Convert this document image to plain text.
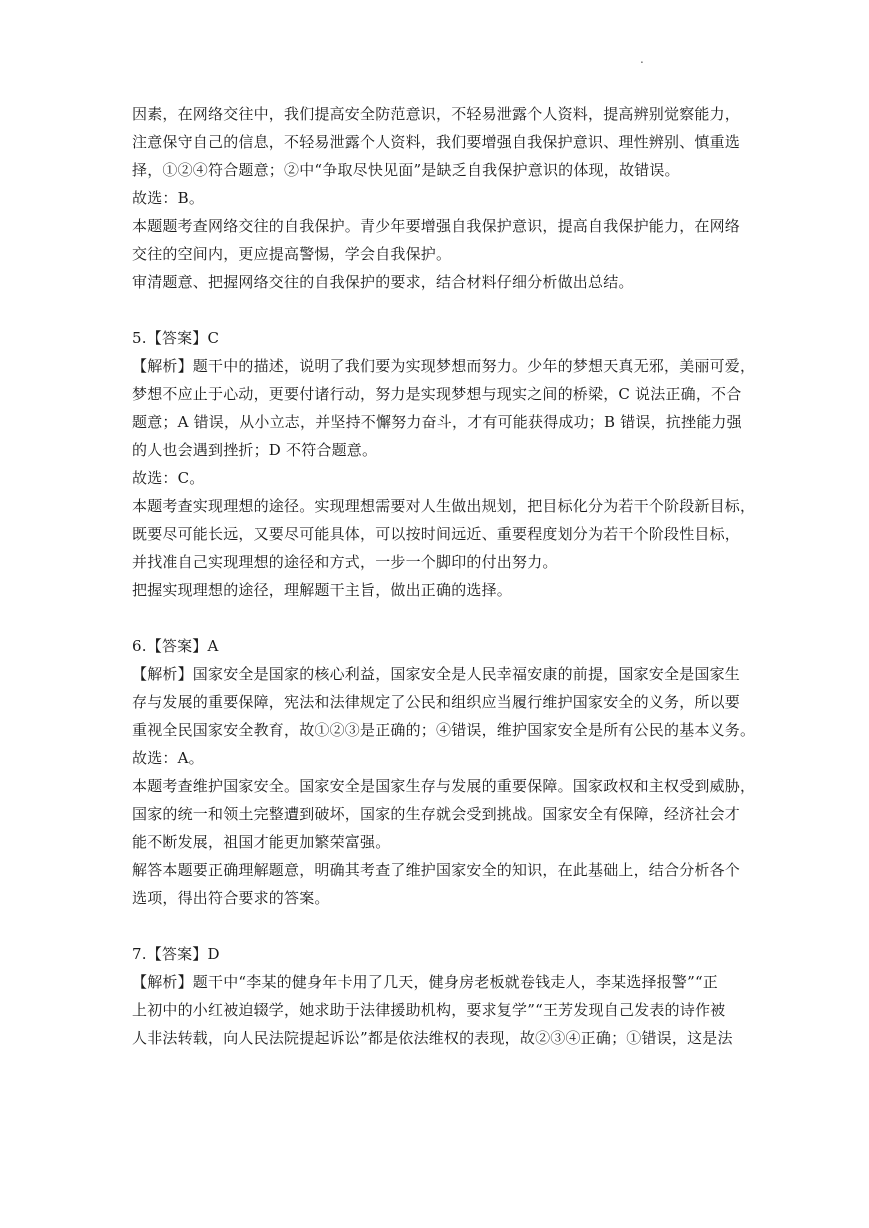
.
因素，在网络交往中，我们提高安全防范意识，不轻易泄露个人资料，提高辨别觉察能力，
注意保守自己的信息，不轻易泄露个人资料，我们要增强自我保护意识、理性辨别、慎重选
择，①②④符合题意；②中“争取尽快见面”是缺乏自我保护意识的体现，故错误。
故选：B。
本题题考查网络交往的自我保护。青少年要增强自我保护意识，提高自我保护能力，在网络
交往的空间内，更应提高警惕，学会自我保护。
审清题意、把握网络交往的自我保护的要求，结合材料仔细分析做出总结。
5.【答案】C
【解析】题干中的描述，说明了我们要为实现梦想而努力。少年的梦想天真无邪，美丽可爱，
梦想不应止于心动，更要付诸行动，努力是实现梦想与现实之间的桥梁，C 说法正确，不合
题意；A 错误，从小立志，并坚持不懈努力奋斗，才有可能获得成功；B 错误，抗挫能力强
的人也会遇到挫折；D 不符合题意。
故选：C。
本题考查实现理想的途径。实现理想需要对人生做出规划，把目标化分为若干个阶段新目标，
既要尽可能长远，又要尽可能具体，可以按时间远近、重要程度划分为若干个阶段性目标，
并找准自己实现理想的途径和方式，一步一个脚印的付出努力。
把握实现理想的途径，理解题干主旨，做出正确的选择。
6.【答案】A
【解析】国家安全是国家的核心利益，国家安全是人民幸福安康的前提，国家安全是国家生
存与发展的重要保障，宪法和法律规定了公民和组织应当履行维护国家安全的义务，所以要
重视全民国家安全教育，故①②③是正确的；④错误，维护国家安全是所有公民的基本义务。
故选：A。
本题考查维护国家安全。国家安全是国家生存与发展的重要保障。国家政权和主权受到威胁，
国家的统一和领土完整遭到破坏，国家的生存就会受到挑战。国家安全有保障，经济社会才
能不断发展，祖国才能更加繁荣富强。
解答本题要正确理解题意，明确其考查了维护国家安全的知识，在此基础上，结合分析各个
选项，得出符合要求的答案。
7.【答案】D
【解析】题干中“李某的健身年卡用了几天，健身房老板就卷钱走人，李某选择报警”“正
上初中的小红被迫辍学，她求助于法律援助机构，要求复学”“王芳发现自己发表的诗作被
人非法转载，向人民法院提起诉讼”都是依法维权的表现，故②③④正确；①错误，这是法
